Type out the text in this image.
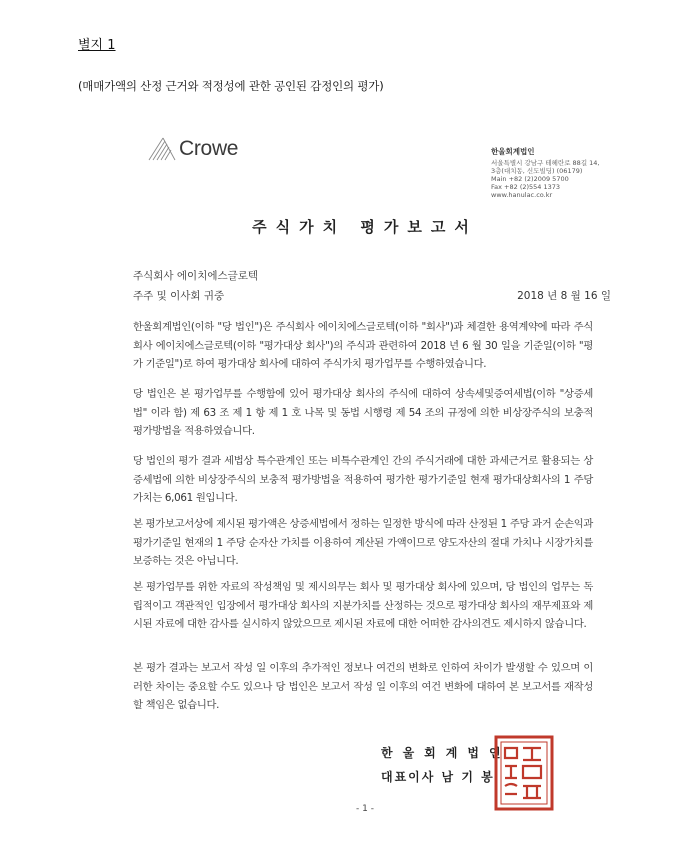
별지 1
(매매가액의 산정 근거와 적정성에 관한 공인된 감정인의 평가)
Crowe	한울회계법인
서울특별시 강남구 테헤란로 88길 14,
3층(대치동, 신도빌딩) (06179)
Main +82 (2)2009 5700
Fax +82 (2)554 1373
www.hanulac.co.kr
주식가치 평가보고서
주식회사 에이치에스글로텍
주주 및 이사회 귀중	2018 년 8 월 16 일
한울회계법인(이하 "당 법인")은 주식회사 에이치에스글로텍(이하 "회사")과 체결한 용역계약에 따라 주식회사 에이치에스글로텍(이하 "평가대상 회사")의 주식과 관련하여 2018 년 6 월 30 일을 기준일(이하 "평가 기준일")로 하여 평가대상 회사에 대하여 주식가치 평가업무를 수행하였습니다.
당 법인은 본 평가업무를 수행함에 있어 평가대상 회사의 주식에 대하여 상속세및증여세법(이하 "상증세법" 이라 함) 제 63 조 제 1 항 제 1 호 나목 및 동법 시행령 제 54 조의 규정에 의한 비상장주식의 보충적 평가방법을 적용하였습니다.
당 법인의 평가 결과 세법상 특수관계인 또는 비특수관계인 간의 주식거래에 대한 과세근거로 활용되는 상증세법에 의한 비상장주식의 보충적 평가방법을 적용하여 평가한 평가기준일 현재 평가대상회사의 1 주당가치는 6,061 원입니다.
본 평가보고서상에 제시된 평가액은 상증세법에서 정하는 일정한 방식에 따라 산정된 1 주당 과거 순손익과 평가기준일 현재의 1 주당 순자산 가치를 이용하여 계산된 가액이므로 양도자산의 절대 가치나 시장가치를 보증하는 것은 아닙니다.
본 평가업무를 위한 자료의 작성책임 및 제시의무는 회사 및 평가대상 회사에 있으며, 당 법인의 업무는 독립적이고 객관적인 입장에서 평가대상 회사의 지분가치를 산정하는 것으로 평가대상 회사의 재무제표와 제시된 자료에 대한 감사를 실시하지 않았으므로 제시된 자료에 대한 어떠한 감사의견도 제시하지 않습니다.
본 평가 결과는 보고서 작성 일 이후의 추가적인 정보나 여건의 변화로 인하여 차이가 발생할 수 있으며 이러한 차이는 중요할 수도 있으나 당 법인은 보고서 작성 일 이후의 여건 변화에 대하여 본 보고서를 재작성 할 책임은 없습니다.
한울회계법인
대표이사 남 기 봉
- 1 -
